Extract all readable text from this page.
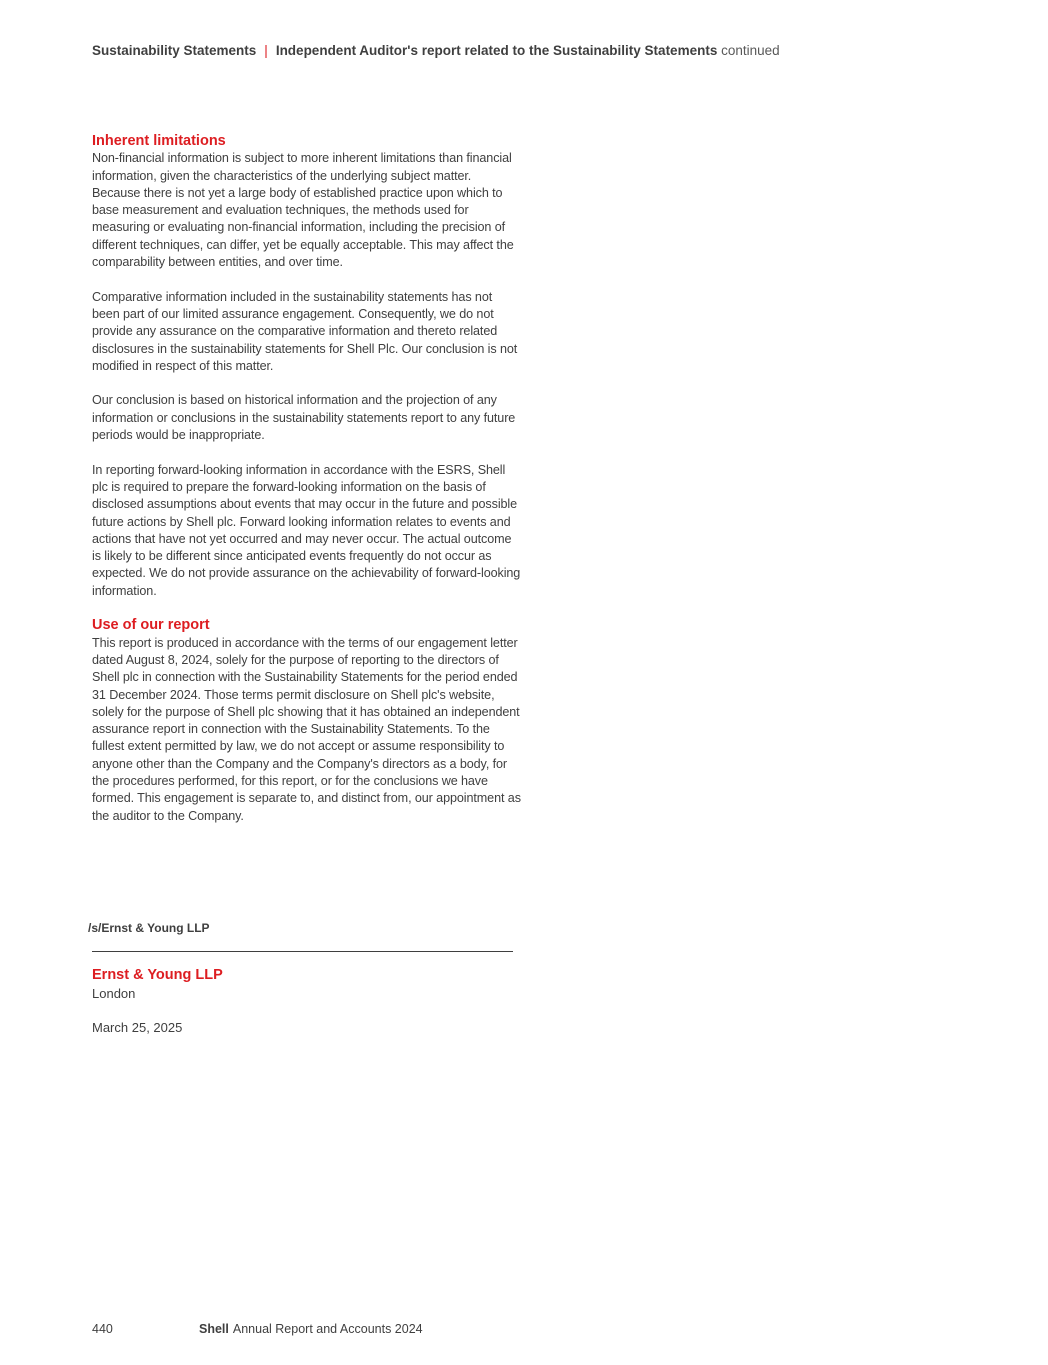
Sustainability Statements | Independent Auditor's report related to the Sustainability Statements continued
Inherent limitations

Non-financial information is subject to more inherent limitations than financial information, given the characteristics of the underlying subject matter. Because there is not yet a large body of established practice upon which to base measurement and evaluation techniques, the methods used for measuring or evaluating non-financial information, including the precision of different techniques, can differ, yet be equally acceptable. This may affect the comparability between entities, and over time.

Comparative information included in the sustainability statements has not been part of our limited assurance engagement. Consequently, we do not provide any assurance on the comparative information and thereto related disclosures in the sustainability statements for Shell Plc. Our conclusion is not modified in respect of this matter.

Our conclusion is based on historical information and the projection of any information or conclusions in the sustainability statements report to any future periods would be inappropriate.

In reporting forward-looking information in accordance with the ESRS, Shell plc is required to prepare the forward-looking information on the basis of disclosed assumptions about events that may occur in the future and possible future actions by Shell plc. Forward looking information relates to events and actions that have not yet occurred and may never occur. The actual outcome is likely to be different since anticipated events frequently do not occur as expected. We do not provide assurance on the achievability of forward-looking information.

Use of our report

This report is produced in accordance with the terms of our engagement letter dated August 8, 2024, solely for the purpose of reporting to the directors of Shell plc in connection with the Sustainability Statements for the period ended 31 December 2024. Those terms permit disclosure on Shell plc's website, solely for the purpose of Shell plc showing that it has obtained an independent assurance report in connection with the Sustainability Statements. To the fullest extent permitted by law, we do not accept or assume responsibility to anyone other than the Company and the Company's directors as a body, for the procedures performed, for this report, or for the conclusions we have formed. This engagement is separate to, and distinct from, our appointment as the auditor to the Company.

/s/Ernst & Young LLP
Ernst & Young LLP
London
March 25, 2025
440	Shell Annual Report and Accounts 2024
